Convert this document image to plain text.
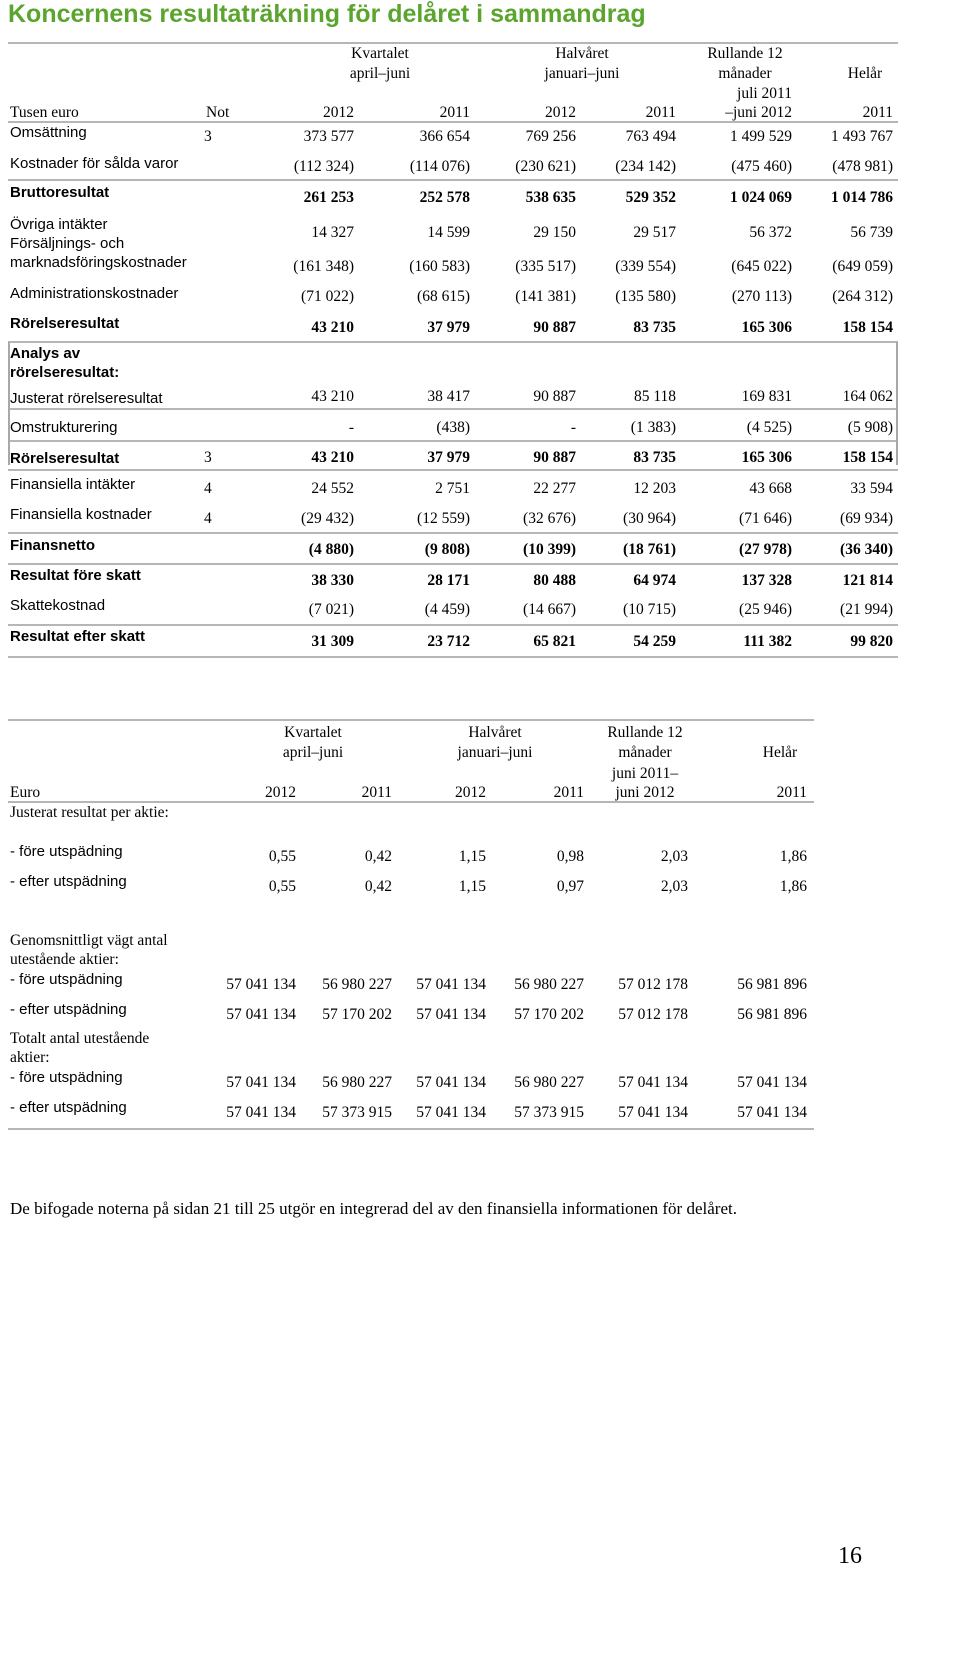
Koncernens resultaträkning för delåret i sammandrag
Kvartalet
april–juni
Halvåret
januari–juni
Rullande 12
månader
juli 2011
–juni 2012
Helår
Tusen euro	Not	2012	2011	2012	2011	2011
Omsättning	3	373 577	366 654	769 256	763 494	1 499 529	1 493 767
Kostnader för sålda varor	(112 324)	(114 076)	(230 621)	(234 142)	(475 460)	(478 981)
Bruttoresultat	261 253	252 578	538 635	529 352	1 024 069	1 014 786
Övriga intäkter	14 327	14 599	29 150	29 517	56 372	56 739
Försäljnings- och
marknadsföringskostnader	(161 348)	(160 583)	(335 517)	(339 554)	(645 022)	(649 059)
Administrationskostnader	(71 022)	(68 615)	(141 381)	(135 580)	(270 113)	(264 312)
Rörelseresultat	43 210	37 979	90 887	83 735	165 306	158 154
Analys av
rörelseresultat:
Justerat rörelseresultat	43 210	38 417	90 887	85 118	169 831	164 062
Omstrukturering	-	(438)	-	(1 383)	(4 525)	(5 908)
Rörelseresultat	3	43 210	37 979	90 887	83 735	165 306	158 154
Finansiella intäkter	4	24 552	2 751	22 277	12 203	43 668	33 594
Finansiella kostnader	4	(29 432)	(12 559)	(32 676)	(30 964)	(71 646)	(69 934)
Finansnetto	(4 880)	(9 808)	(10 399)	(18 761)	(27 978)	(36 340)
Resultat före skatt	38 330	28 171	80 488	64 974	137 328	121 814
Skattekostnad	(7 021)	(4 459)	(14 667)	(10 715)	(25 946)	(21 994)
Resultat efter skatt	31 309	23 712	65 821	54 259	111 382	99 820
Kvartalet
april–juni
Halvåret
januari–juni
Rullande 12
månader
juni 2011–
juni 2012
Helår
Euro	2012	2011	2012	2011	2011
Justerat resultat per aktie:
- före utspädning	0,55	0,42	1,15	0,98	2,03	1,86
- efter utspädning	0,55	0,42	1,15	0,97	2,03	1,86
Genomsnittligt vägt antal
utestående aktier:
- före utspädning	57 041 134	56 980 227	57 041 134	56 980 227	57 012 178	56 981 896
- efter utspädning	57 041 134	57 170 202	57 041 134	57 170 202	57 012 178	56 981 896
Totalt antal utestående
aktier:
- före utspädning	57 041 134	56 980 227	57 041 134	56 980 227	57 041 134	57 041 134
- efter utspädning	57 041 134	57 373 915	57 041 134	57 373 915	57 041 134	57 041 134
De bifogade noterna på sidan 21 till 25 utgör en integrerad del av den finansiella informationen för delåret.
16
